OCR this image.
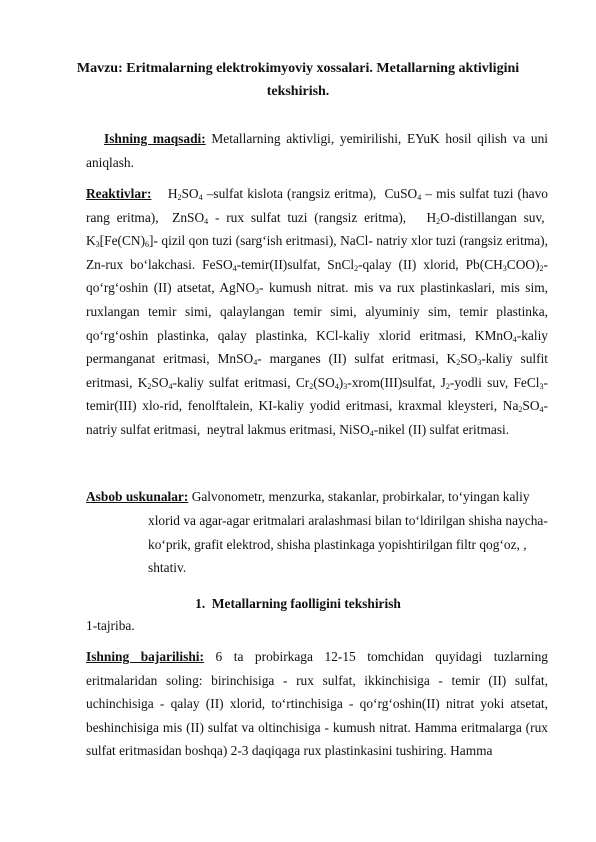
Mavzu: Eritmalarning elektrokimyoviy xossalari. Metallarning aktivligini
tekshirish.
Ishning maqsadi: Metallarning aktivligi, yemirilishi, EYuK hosil qilish va uni aniqlash.
Reaktivlar: $H_2SO_4$ –sulfat kislota (rangsiz eritma), CuSO$_4$ – mis sulfat tuzi (havo rang eritma), ZnSO$_4$ - rux sulfat tuzi (rangsiz eritma), $H_2O$-distillangan suv,  $K_3[Fe(CN)_6]-$ qizil qon tuzi (sarg‘ish eritmasi), NaCl- natriy xlor tuzi (rangsiz eritma), Zn-rux bo‘lakchasi. FeSO$_4$-temir(II)sulfat, SnCl$_2$-qalay (II) xlorid, $Pb(CH_3COO)_2-$ qo‘rg‘oshin (II) atsetat, AgNO$_3$- kumush nitrat. mis va rux plastinkaslari, mis sim, ruxlangan temir simi, qalaylangan temir simi, alyuminiy sim, temir plastinka, qo‘rg‘oshin plastinka, qalay plastinka, KCl-kaliy xlorid eritmasi, KMnO$_4$-kaliy permanganat eritmasi, MnSO$_4$- marganes (II) sulfat eritmasi, $K_2SO_3$-kaliy sulfit eritmasi, $K_2SO_4$-kaliy sulfat eritmasi, $Cr_2(SO_4)_3-xrom(III)sulfat$, $J_2$-yodli suv, FeCl$_3$-temir(III) xlo-rid, fenolftalein, KI-kaliy yodid eritmasi, kraxmal kleysteri, $Na_2SO_4$-natriy sulfat eritmasi,  neytral lakmus eritmasi, NiSO$_4$-nikel (II) sulfat eritmasi.
Asbob uskunalar: Galvonometr, menzurka, stakanlar, probirkalar, to‘yingan kaliy
xlorid va agar-agar eritmalari aralashmasi bilan to‘ldirilgan shisha naycha-ko‘prik, grafit elektrod, shisha plastinkaga yopishtirilgan filtr qog‘oz, , shtativ.
1. Metallarning faolligini tekshirish
1-tajriba.
Ishning bajarilishi: 6 ta probirkaga 12-15 tomchidan quyidagi tuzlarning eritmalaridan soling: birinchisiga - rux sulfat, ikkinchisiga - temir (II) sulfat, uchinchisiga - qalay (II) xlorid, to‘rtinchisiga - qo‘rg‘oshin(II) nitrat yoki atsetat, beshinchisiga mis (II) sulfat va oltinchisiga - kumush nitrat. Hamma eritmalarga (rux sulfat eritmasidan boshqa) 2-3 daqiqaga rux plastinkasini tushiring. Hamma
